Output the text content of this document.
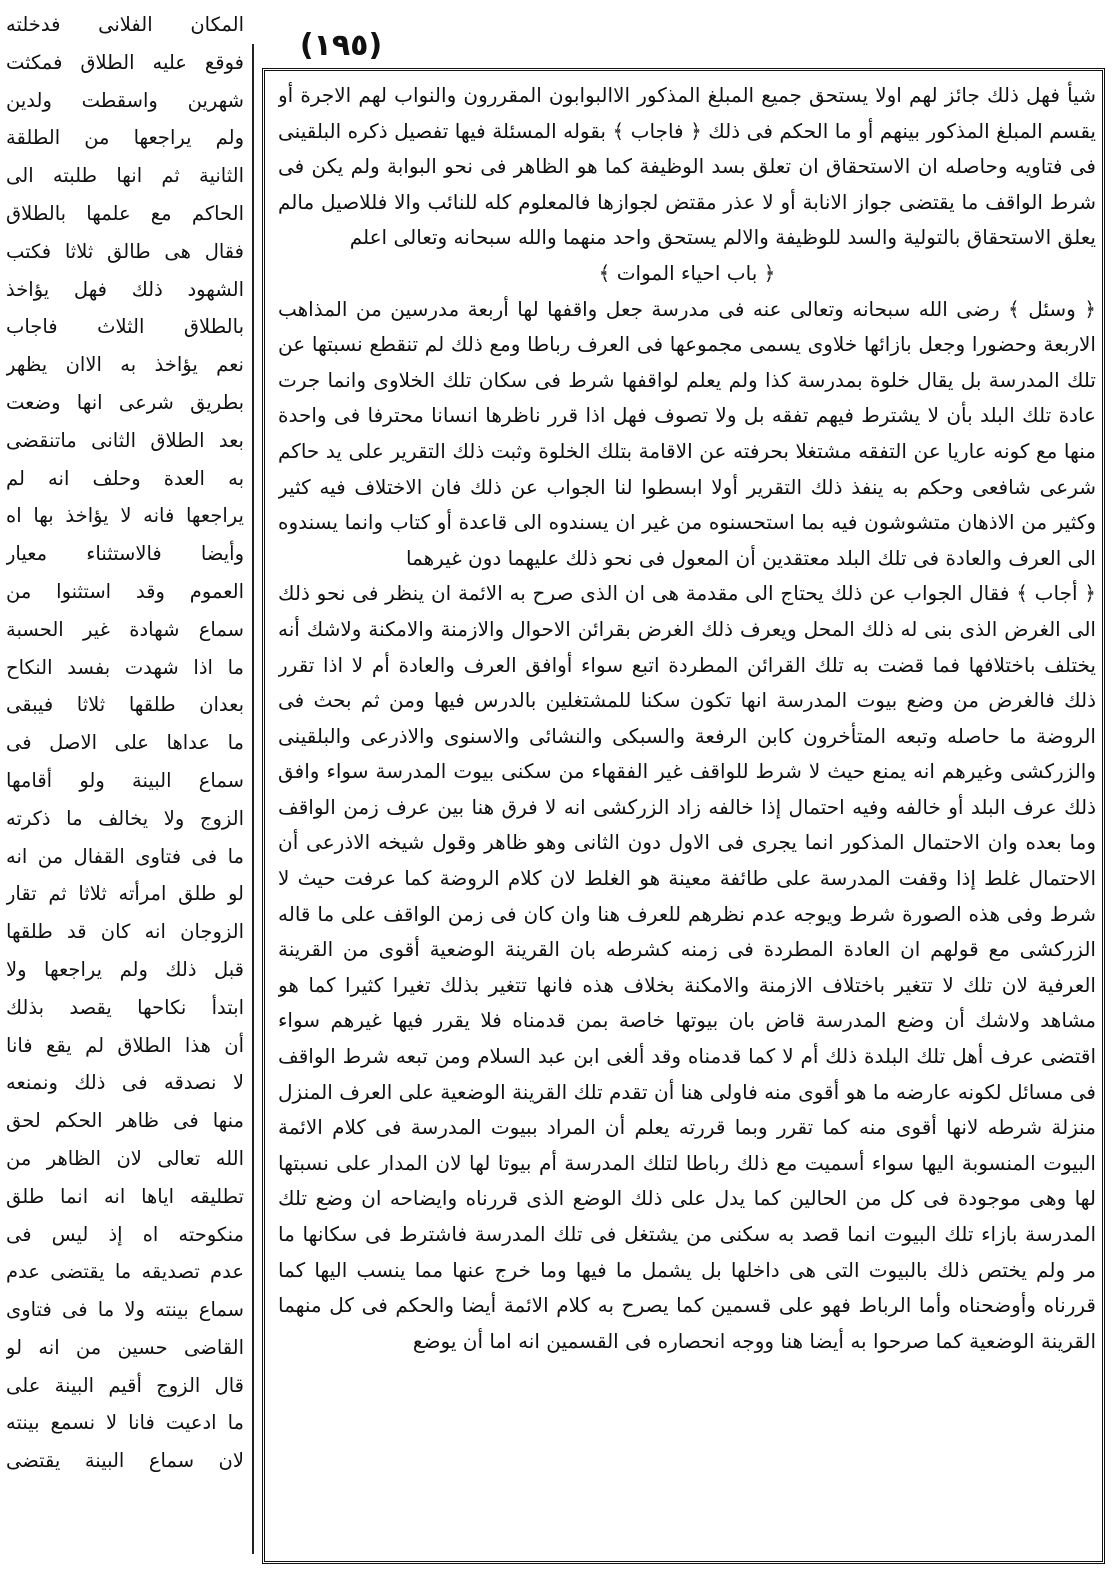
(١٩٥)

شيأ فهل ذلك جائز لهم اولا يستحق جميع المبلغ المذكور الاالبوابون المقررون والنواب لهم الاجرة أو يقسم المبلغ المذكور بينهم أو ما الحكم فى ذلك ﴿ فاجاب ﴾ بقوله المسئلة فيها تفصيل ذكره البلقينى فى فتاويه وحاصله ان الاستحقاق ان تعلق بسد الوظيفة كما هو الظاهر فى نحو البوابة ولم يكن فى شرط الواقف ما يقتضى جواز الانابة أو لا عذر مقتض لجوازها فالمعلوم كله للنائب والا فللاصيل مالم يعلق الاستحقاق بالتولية والسد للوظيفة والالم يستحق واحد منهما والله سبحانه وتعالى اعلم

﴿ باب احياء الموات ﴾

﴿ وسئل ﴾ رضى الله سبحانه وتعالى عنه فى مدرسة جعل واقفها لها أربعة مدرسين من المذاهب الاربعة وحضورا وجعل بازائها خلاوى يسمى مجموعها فى العرف رباطا ومع ذلك لم تنقطع نسبتها عن تلك المدرسة بل يقال خلوة بمدرسة كذا ولم يعلم لواقفها شرط فى سكان تلك الخلاوى وانما جرت عادة تلك البلد بأن لا يشترط فيهم تفقه بل ولا تصوف فهل اذا قرر ناظرها انسانا محترفا فى واحدة منها مع كونه عاريا عن التفقه مشتغلا بحرفته عن الاقامة بتلك الخلوة وثبت ذلك التقرير على يد حاكم شرعى شافعى وحكم به ينفذ ذلك التقرير أولا ابسطوا لنا الجواب عن ذلك فان الاختلاف فيه كثير وكثير من الاذهان متشوشون فيه بما استحسنوه من غير ان يسندوه الى قاعدة أو كتاب وانما يسندوه الى العرف والعادة فى تلك البلد معتقدين أن المعول فى نحو ذلك عليهما دون غيرهما

﴿ أجاب ﴾ فقال الجواب عن ذلك يحتاج الى مقدمة هى ان الذى صرح به الائمة ان ينظر فى نحو ذلك الى الغرض الذى بنى له ذلك المحل ويعرف ذلك الغرض بقرائن الاحوال والازمنة والامكنة ولاشك أنه يختلف باختلافها فما قضت به تلك القرائن المطردة اتبع سواء أوافق العرف والعادة أم لا اذا تقرر ذلك فالغرض من وضع بيوت المدرسة انها تكون سكنا للمشتغلين بالدرس فيها ومن ثم بحث فى الروضة ما حاصله وتبعه المتأخرون كابن الرفعة والسبكى والنشائى والاسنوى والاذرعى والبلقينى والزركشى وغيرهم انه يمنع حيث لا شرط للواقف غير الفقهاء من سكنى بيوت المدرسة سواء وافق ذلك عرف البلد أو خالفه وفيه احتمال إذا خالفه زاد الزركشى انه لا فرق هنا بين عرف زمن الواقف وما بعده وان الاحتمال المذكور انما يجرى فى الاول دون الثانى وهو ظاهر وقول شيخه الاذرعى أن الاحتمال غلط إذا وقفت المدرسة على طائفة معينة هو الغلط لان كلام الروضة كما عرفت حيث لا شرط وفى هذه الصورة شرط ويوجه عدم نظرهم للعرف هنا وان كان فى زمن الواقف على ما قاله الزركشى مع قولهم ان العادة المطردة فى زمنه كشرطه بان القرينة الوضعية أقوى من القرينة العرفية لان تلك لا تتغير باختلاف الازمنة والامكنة بخلاف هذه فانها تتغير بذلك تغيرا كثيرا كما هو مشاهد ولاشك أن وضع المدرسة قاض بان بيوتها خاصة بمن قدمناه فلا يقرر فيها غيرهم سواء اقتضى عرف أهل تلك البلدة ذلك أم لا كما قدمناه وقد ألغى ابن عبد السلام ومن تبعه شرط الواقف فى مسائل لكونه عارضه ما هو أقوى منه فاولى هنا أن تقدم تلك القرينة الوضعية على العرف المنزل منزلة شرطه لانها أقوى منه كما تقرر وبما قررته يعلم أن المراد ببيوت المدرسة فى كلام الائمة البيوت المنسوبة اليها سواء أسميت مع ذلك رباطا لتلك المدرسة أم بيوتا لها لان المدار على نسبتها لها وهى موجودة فى كل من الحالين كما يدل على ذلك الوضع الذى قررناه وايضاحه ان وضع تلك المدرسة بازاء تلك البيوت انما قصد به سكنى من يشتغل فى تلك المدرسة فاشترط فى سكانها ما مر ولم يختص ذلك بالبيوت التى هى داخلها بل يشمل ما فيها وما خرج عنها مما ينسب اليها كما قررناه وأوضحناه وأما الرباط فهو على قسمين كما يصرح به كلام الائمة أيضا والحكم فى كل منهما القرينة الوضعية كما صرحوا به أيضا هنا ووجه انحصاره فى القسمين انه اما أن يوضع

المكان الفلانى فدخلته
فوقع عليه الطلاق فمكثت
شهرين واسقطت ولدين
ولم يراجعها من الطلقة
الثانية ثم انها طلبته الى
الحاكم مع علمها بالطلاق
فقال هى طالق ثلاثا فكتب
الشهود ذلك فهل يؤاخذ
بالطلاق الثلاث فاجاب
نعم يؤاخذ به الاان يظهر
بطريق شرعى انها وضعت
بعد الطلاق الثانى ماتنقضى
به العدة وحلف انه لم
يراجعها فانه لا يؤاخذ بها اه
وأيضا فالاستثناء معيار
العموم وقد استثنوا من
سماع شهادة غير الحسبة
ما اذا شهدت بفسد النكاح
بعدان طلقها ثلاثا فيبقى
ما عداها على الاصل فى
سماع البينة ولو أقامها
الزوج ولا يخالف ما ذكرته
ما فى فتاوى القفال من انه
لو طلق امرأته ثلاثا ثم تقار
الزوجان انه كان قد طلقها
قبل ذلك ولم يراجعها ولا
ابتدأ نكاحها يقصد بذلك
أن هذا الطلاق لم يقع فانا
لا نصدقه فى ذلك ونمنعه
منها فى ظاهر الحكم لحق
الله تعالى لان الظاهر من
تطليقه اياها انه انما طلق
منكوحته اه إذ ليس فى
عدم تصديقه ما يقتضى عدم
سماع بينته ولا ما فى فتاوى
القاضى حسين من انه لو
قال الزوج أقيم البينة على
ما ادعيت فانا لا نسمع بينته
لان سماع البينة يقتضى
